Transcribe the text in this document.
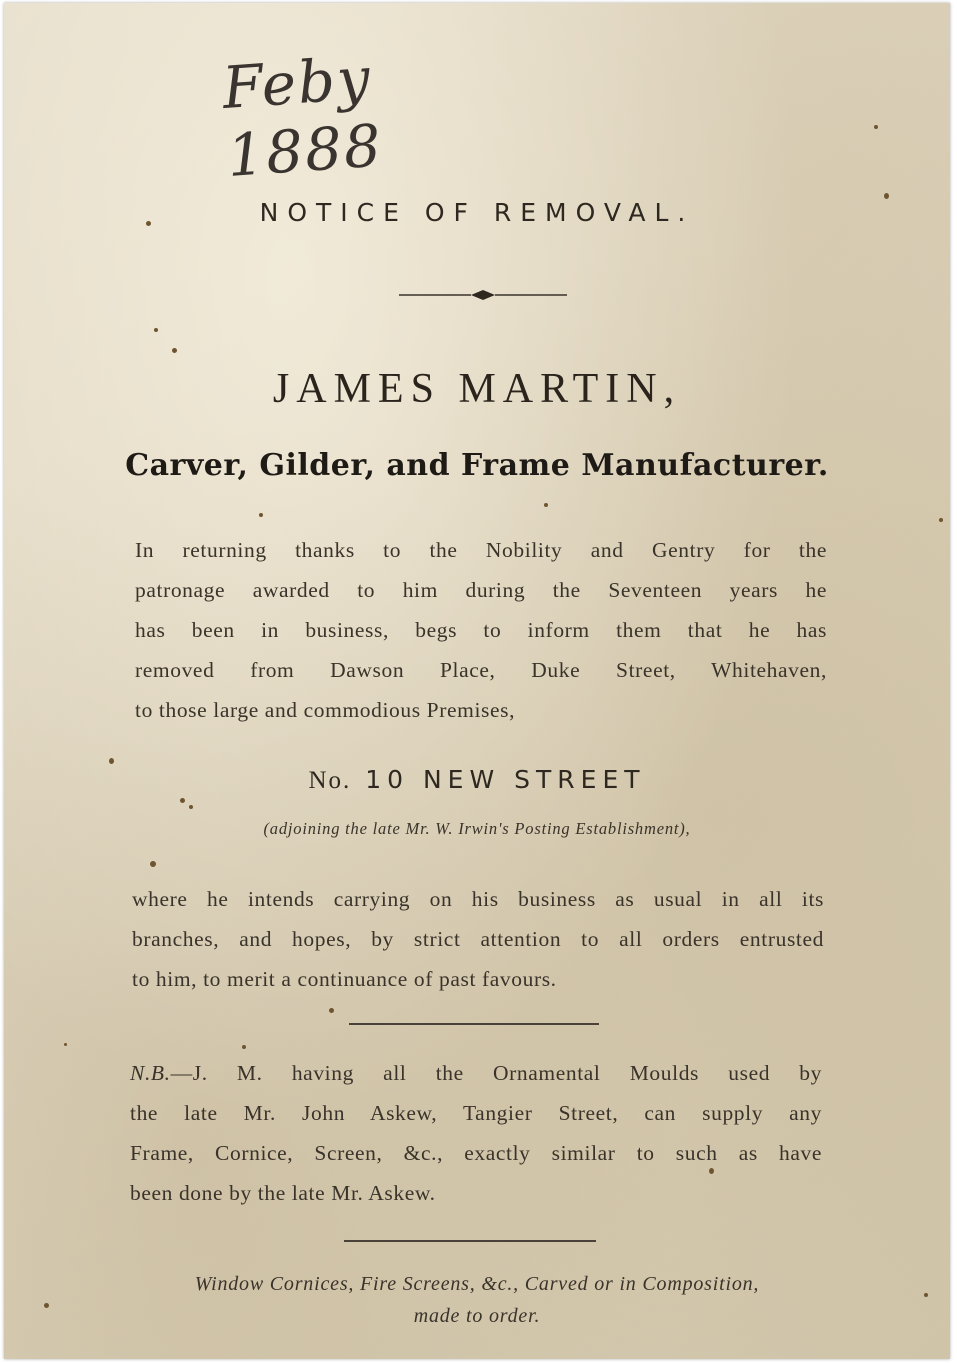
Feby 1888
NOTICE OF REMOVAL.
JAMES MARTIN,
Carver, Gilder, and Frame Manufacturer.
In returning thanks to the Nobility and Gentry for the
patronage awarded to him during the Seventeen years he
has been in business, begs to inform them that he has
removed from Dawson Place, Duke Street, Whitehaven,
to those large and commodious Premises,
No. 10 NEW STREET
(adjoining the late Mr. W. Irwin's Posting Establishment),
where he intends carrying on his business as usual in all its
branches, and hopes, by strict attention to all orders entrusted
to him, to merit a continuance of past favours.
N.B.—J. M. having all the Ornamental Moulds used by
the late Mr. John Askew, Tangier Street, can supply any
Frame, Cornice, Screen, &c., exactly similar to such as have
been done by the late Mr. Askew.
Window Cornices, Fire Screens, &c., Carved or in Composition,
made to order.
